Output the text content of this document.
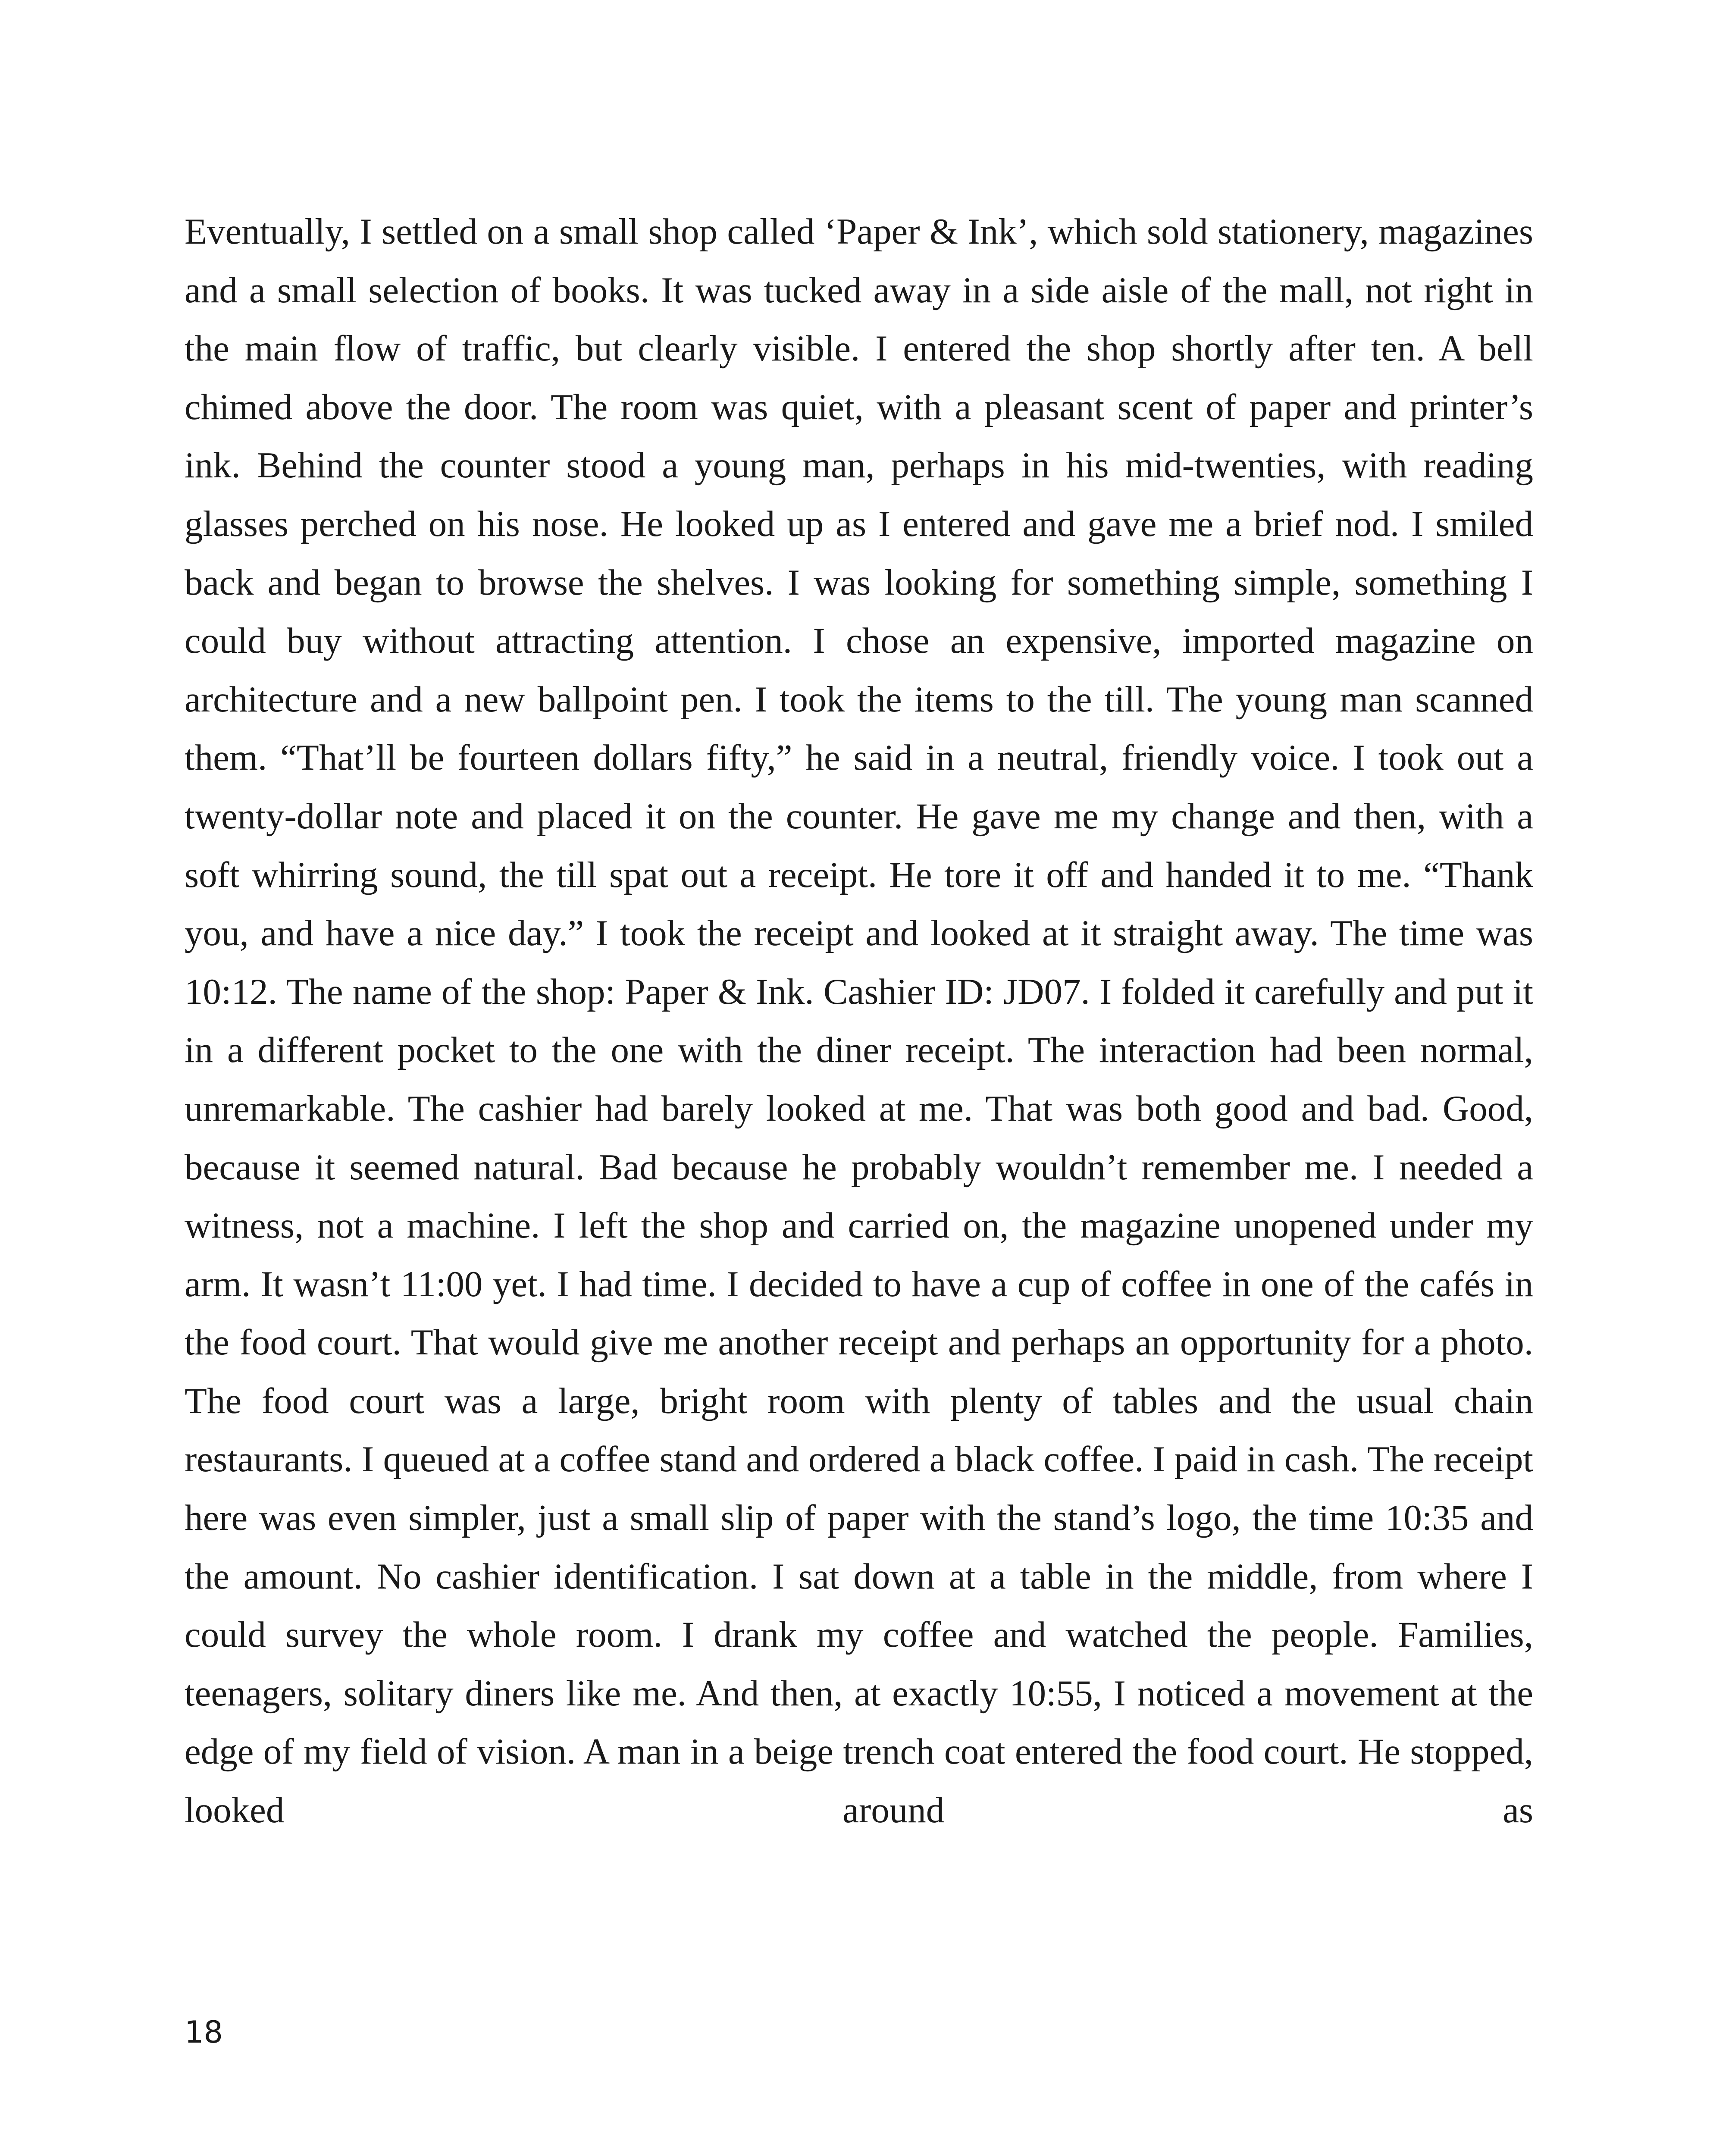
Eventually, I settled on a small shop called ‘Paper & Ink’, which sold stationery, magazines and a small selection of books. It was tucked away in a side aisle of the mall, not right in the main flow of traffic, but clearly visible. I entered the shop shortly after ten. A bell chimed above the door. The room was quiet, with a pleasant scent of paper and printer’s ink. Behind the counter stood a young man, perhaps in his mid-twenties, with reading glasses perched on his nose. He looked up as I entered and gave me a brief nod. I smiled back and began to browse the shelves. I was looking for something simple, something I could buy without attracting attention. I chose an expensive, imported magazine on architecture and a new ballpoint pen. I took the items to the till. The young man scanned them. “That’ll be fourteen dollars fifty,” he said in a neutral, friendly voice. I took out a twenty-dollar note and placed it on the counter. He gave me my change and then, with a soft whirring sound, the till spat out a receipt. He tore it off and handed it to me. “Thank you, and have a nice day.” I took the receipt and looked at it straight away. The time was 10:12. The name of the shop: Paper & Ink. Cashier ID: JD07. I folded it carefully and put it in a different pocket to the one with the diner receipt. The interaction had been normal, unremarkable. The cashier had barely looked at me. That was both good and bad. Good, because it seemed natural. Bad because he probably wouldn’t remember me. I needed a witness, not a machine. I left the shop and carried on, the magazine unopened under my arm. It wasn’t 11:00 yet. I had time. I decided to have a cup of coffee in one of the cafés in the food court. That would give me another receipt and perhaps an opportunity for a photo. The food court was a large, bright room with plenty of tables and the usual chain restaurants. I queued at a coffee stand and ordered a black coffee. I paid in cash. The receipt here was even simpler, just a small slip of paper with the stand’s logo, the time 10:35 and the amount. No cashier identification. I sat down at a table in the middle, from where I could survey the whole room. I drank my coffee and watched the people. Families, teenagers, solitary diners like me. And then, at exactly 10:55, I noticed a movement at the edge of my field of vision. A man in a beige trench coat entered the food court. He stopped, looked around as

18
